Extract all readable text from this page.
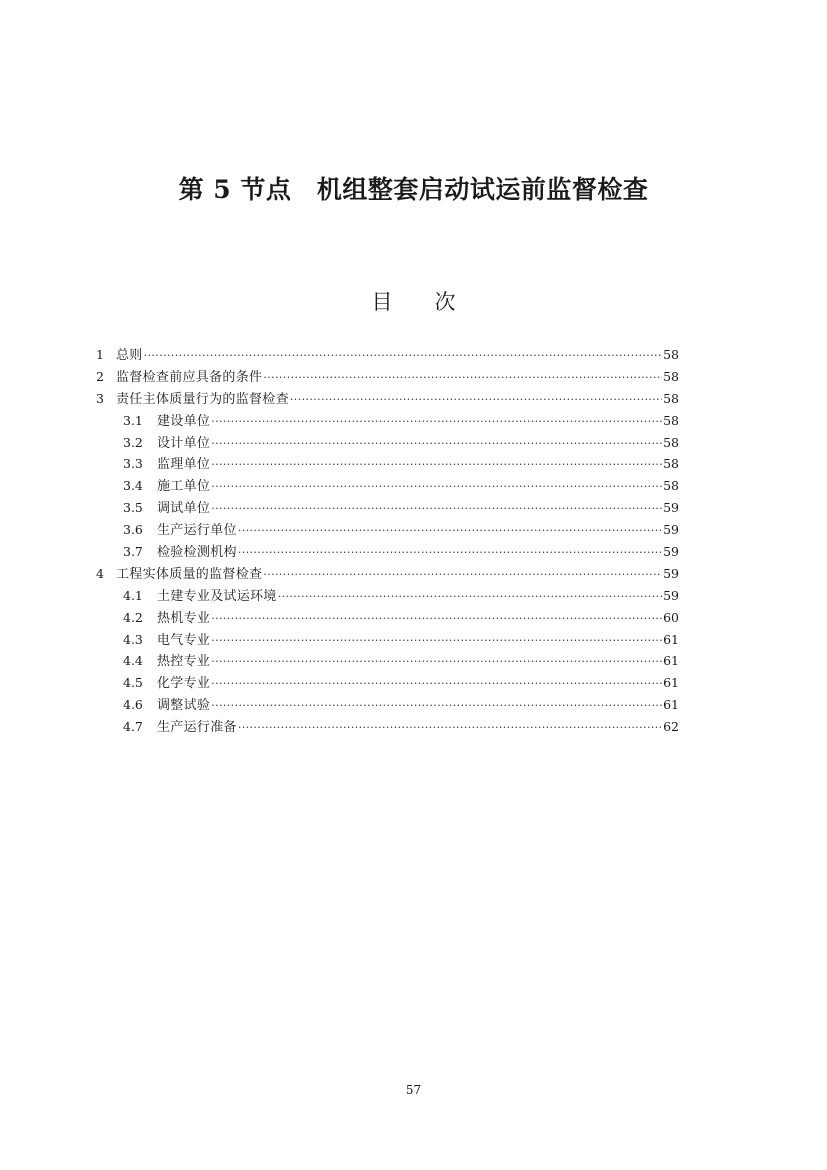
第 5 节点　机组整套启动试运前监督检查
目　　次
1 总则 ·····	58
2 监督检查前应具备的条件 ·····	58
3 责任主体质量行为的监督检查 ·····	58
3.1	建设单位 ·····	58
3.2	设计单位 ·····	58
3.3	监理单位 ·····	58
3.4	施工单位 ·····	58
3.5	调试单位 ·····	59
3.6	生产运行单位 ·····	59
3.7	检验检测机构 ·····	59
4 工程实体质量的监督检查 ·····	59
4.1	土建专业及试运环境 ·····	59
4.2	热机专业 ·····	60
4.3	电气专业 ·····	61
4.4	热控专业 ·····	61
4.5	化学专业 ·····	61
4.6	调整试验 ·····	61
4.7	生产运行准备 ·····	62
57
